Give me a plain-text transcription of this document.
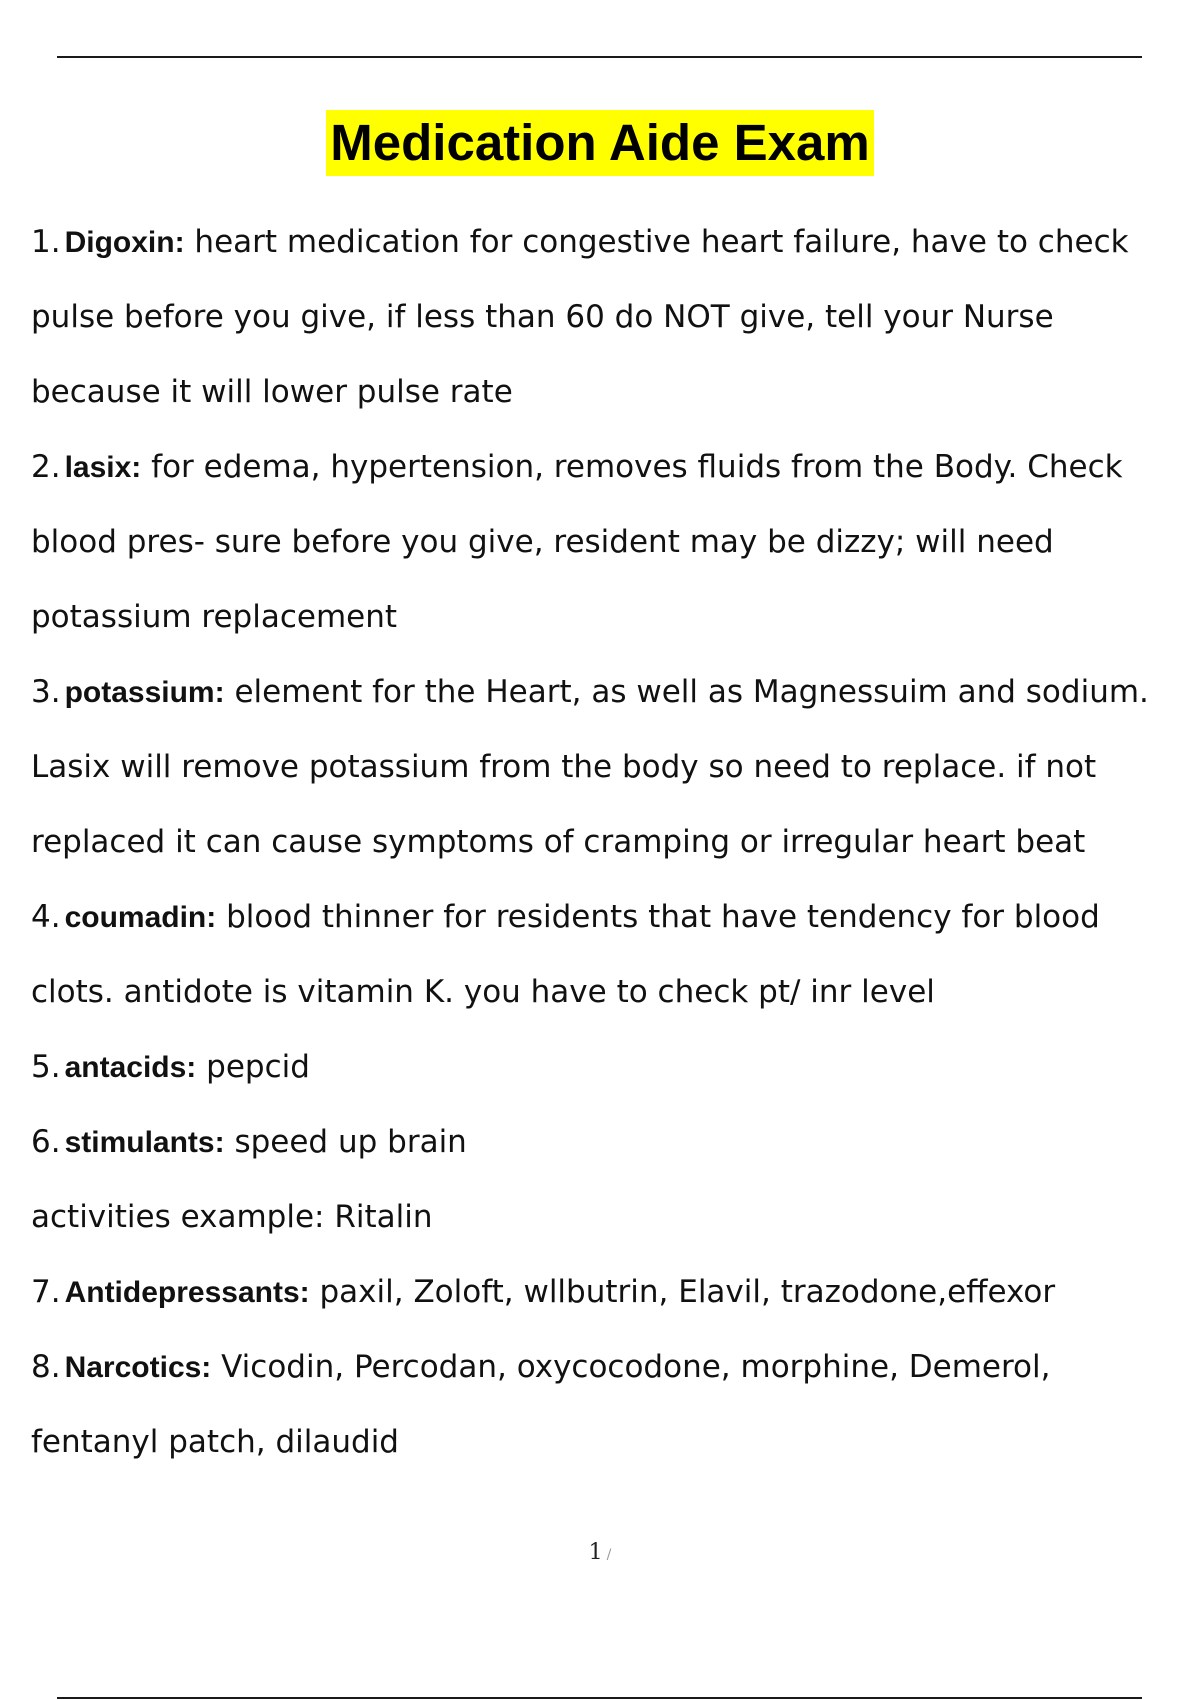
Medication Aide Exam
1. Digoxin: heart medication for congestive heart failure, have to check
pulse before you give, if less than 60 do NOT give, tell your Nurse
because it will lower pulse rate
2. lasix: for edema, hypertension, removes fluids from the Body. Check
blood pres- sure before you give, resident may be dizzy; will need
potassium replacement
3. potassium: element for the Heart, as well as Magnessuim and sodium.
Lasix will remove potassium from the body so need to replace. if not
replaced it can cause symptoms of cramping or irregular heart beat
4. coumadin: blood thinner for residents that have tendency for blood
clots. antidote is vitamin K. you have to check pt/ inr level
5. antacids: pepcid
6. stimulants: speed up brain
activities example: Ritalin
7. Antidepressants: paxil, Zoloft, wllbutrin, Elavil, trazodone,effexor
8. Narcotics: Vicodin, Percodan, oxycocodone, morphine, Demerol,
fentanyl patch, dilaudid
1 /
